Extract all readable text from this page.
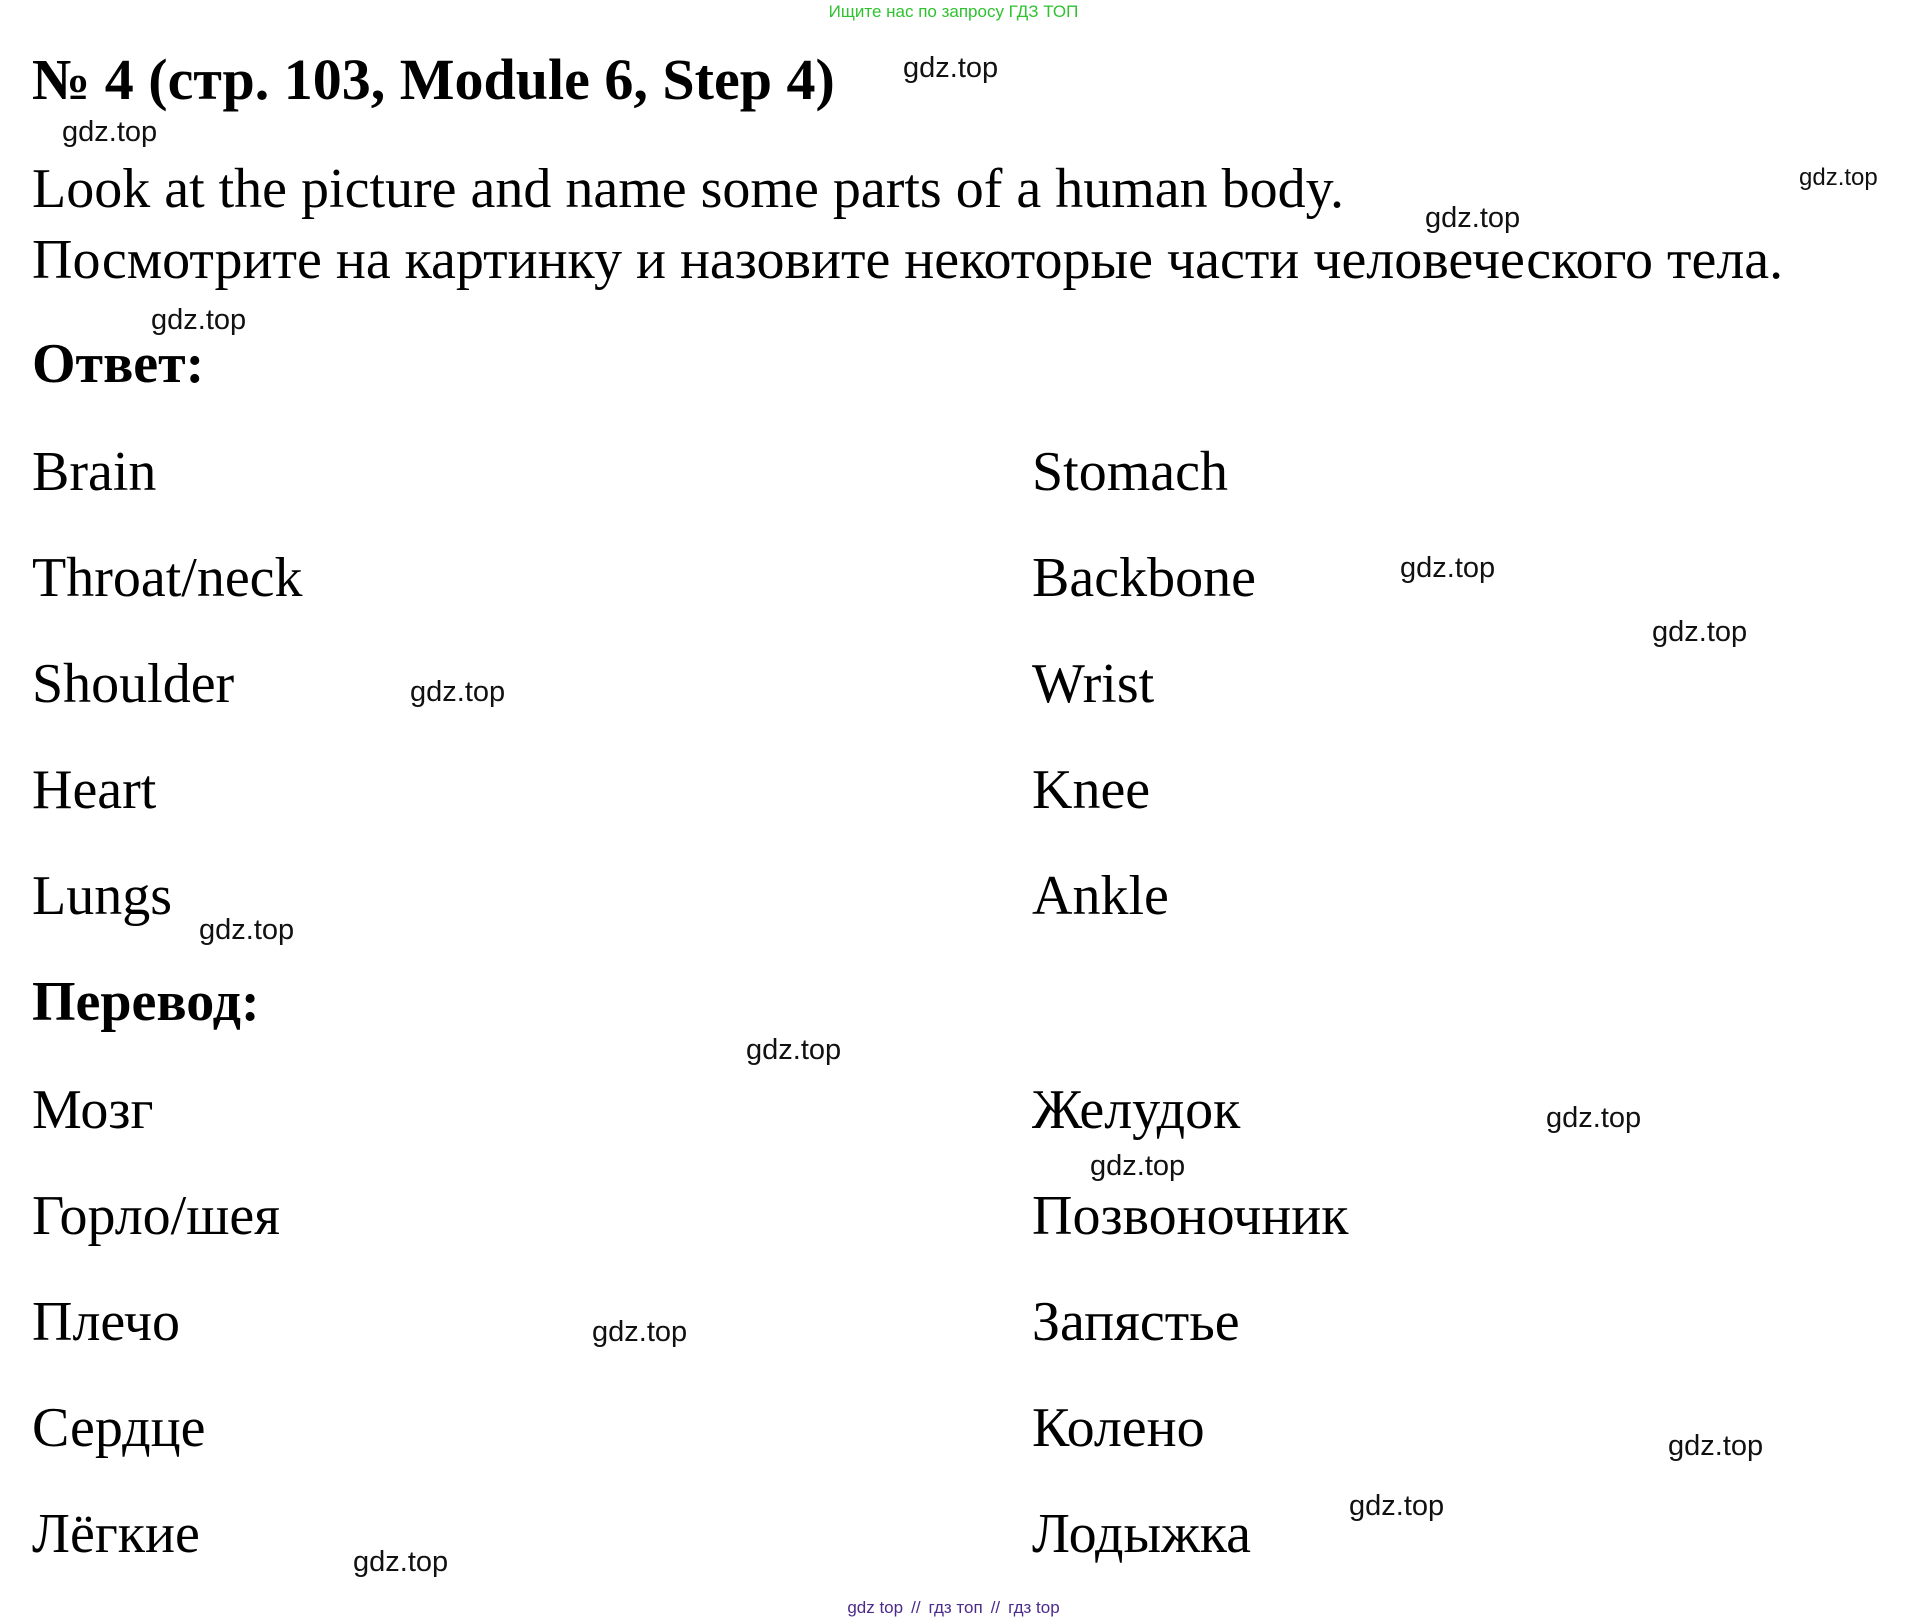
Ищите нас по запросу ГДЗ ТОП
№ 4 (стр. 103, Module 6, Step 4)
Look at the picture and name some parts of a human body.
Посмотрите на картинку и назовите некоторые части человеческого тела.
Ответ:
Brain
Throat/neck
Shoulder
Heart
Lungs
Stomach
Backbone
Wrist
Knee
Ankle
Перевод:
Мозг
Горло/шея
Плечо
Сердце
Лёгкие
Желудок
Позвоночник
Запястье
Колено
Лодыжка
gdz.top
gdz.top
gdz.top
gdz.top
gdz.top
gdz.top
gdz.top
gdz.top
gdz.top
gdz.top
gdz.top
gdz.top
gdz.top
gdz.top
gdz.top
gdz.top
gdz top // гдз топ // гдз top
